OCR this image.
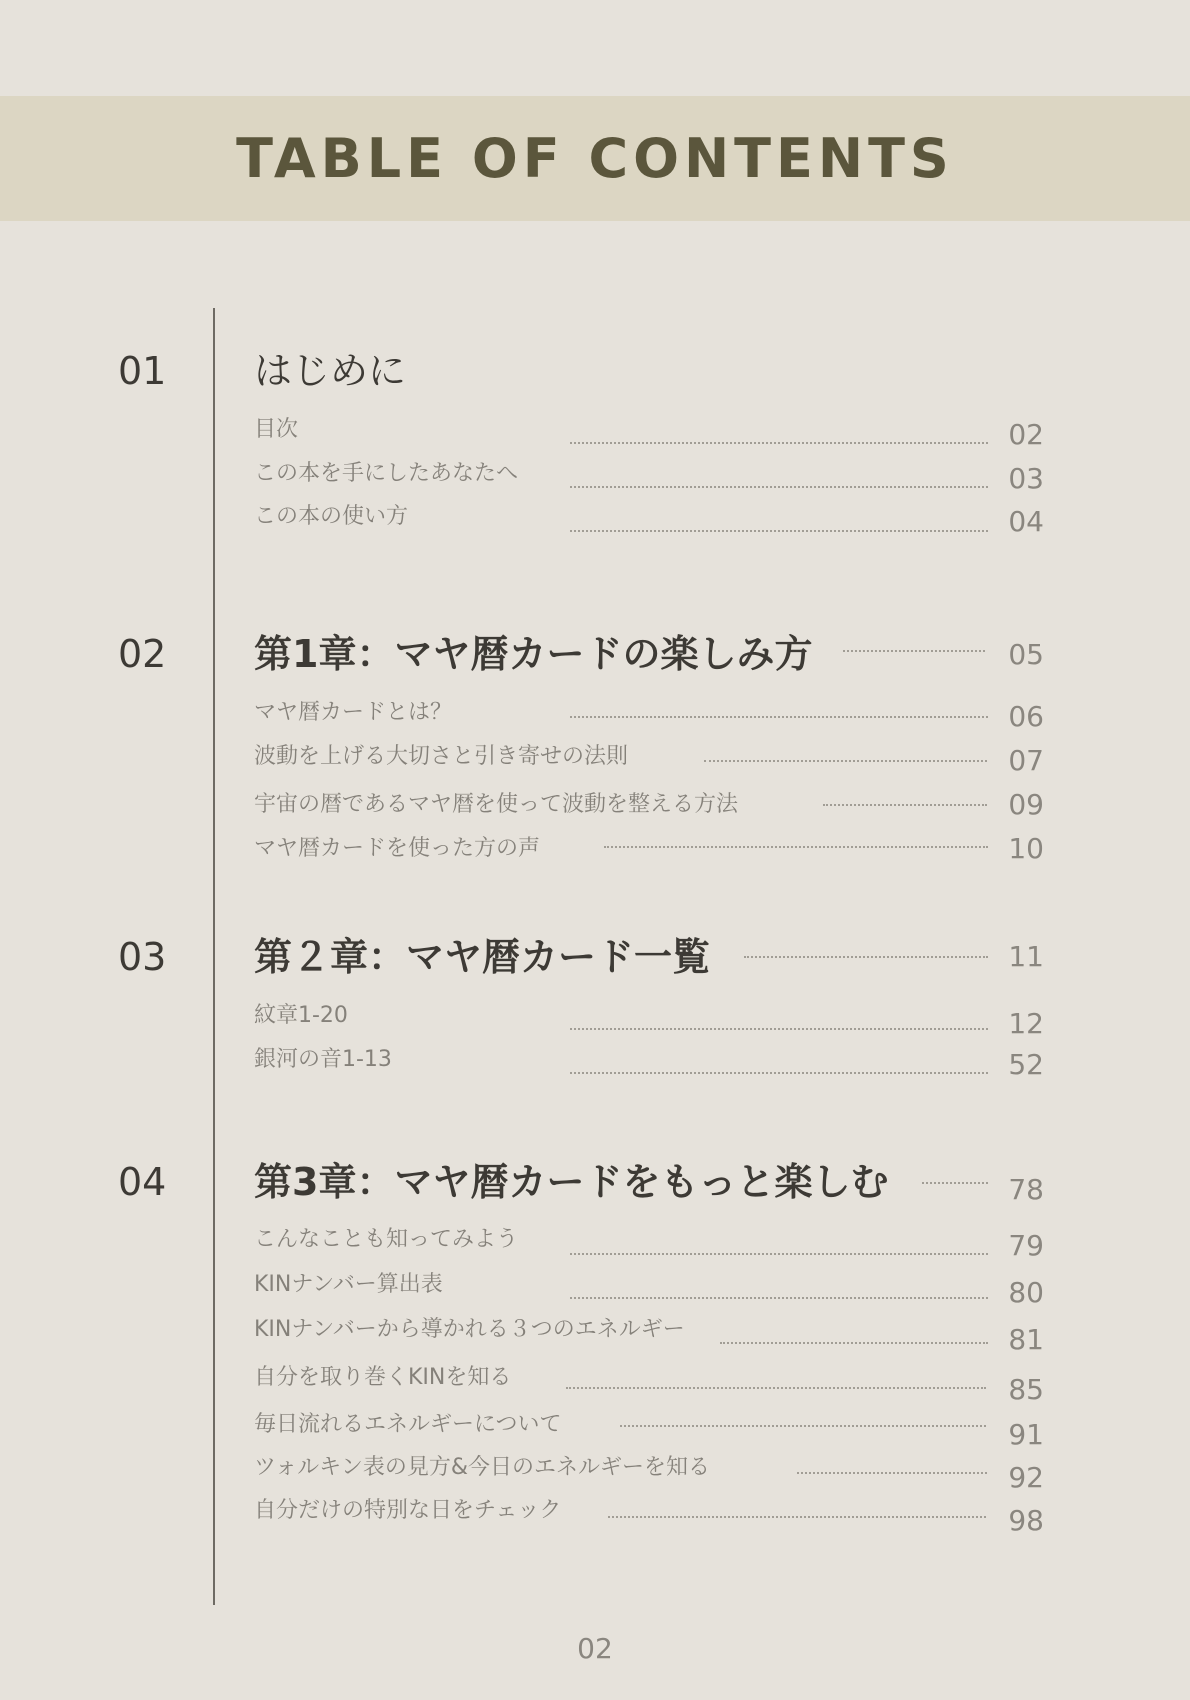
TABLE OF CONTENTS
01 はじめに
目次	02
この本を手にしたあなたへ	03
この本の使い方	04
02 第1章：マヤ暦カードの楽しみ方	05
マヤ暦カードとは？	06
波動を上げる大切さと引き寄せの法則	07
宇宙の暦であるマヤ暦を使って波動を整える方法	09
マヤ暦カードを使った方の声	10
03 第２章：マヤ暦カード一覧	11
紋章1-20	12
銀河の音1-13	52
04 第3章：マヤ暦カードをもっと楽しむ	78
こんなことも知ってみよう	79
KINナンバー算出表	80
KINナンバーから導かれる３つのエネルギー	81
自分を取り巻くKINを知る	85
毎日流れるエネルギーについて	91
ツォルキン表の見方&今日のエネルギーを知る	92
自分だけの特別な日をチェック	98
02
